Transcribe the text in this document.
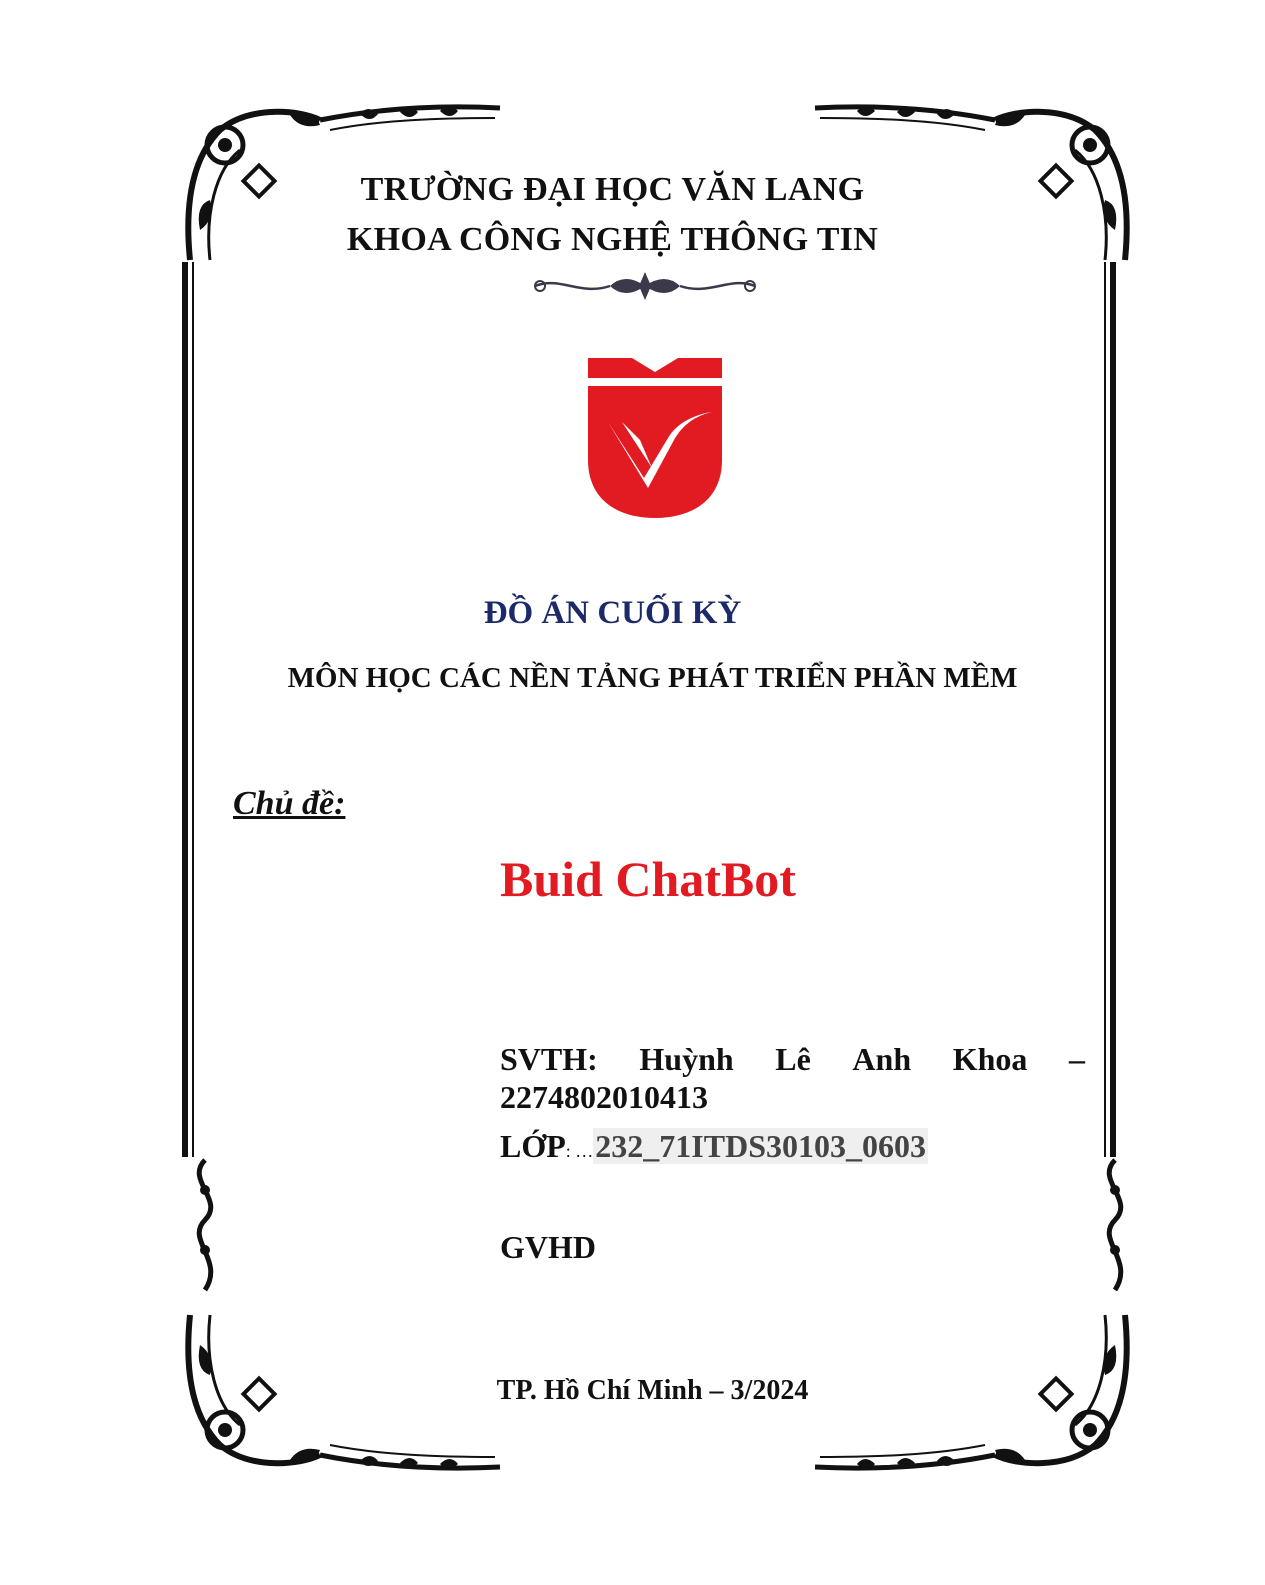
TRƯỜNG ĐẠI HỌC VĂN LANG
KHOA CÔNG NGHỆ THÔNG TIN
ĐỒ ÁN CUỐI KỲ
MÔN HỌC CÁC NỀN TẢNG PHÁT TRIỂN PHẦN MỀM
Chủ đề:
Buid ChatBot
SVTH: Huỳnh Lê Anh Khoa –
2274802010413
LỚP: …232_71ITDS30103_0603
GVHD
TP. Hồ Chí Minh – 3/2024
